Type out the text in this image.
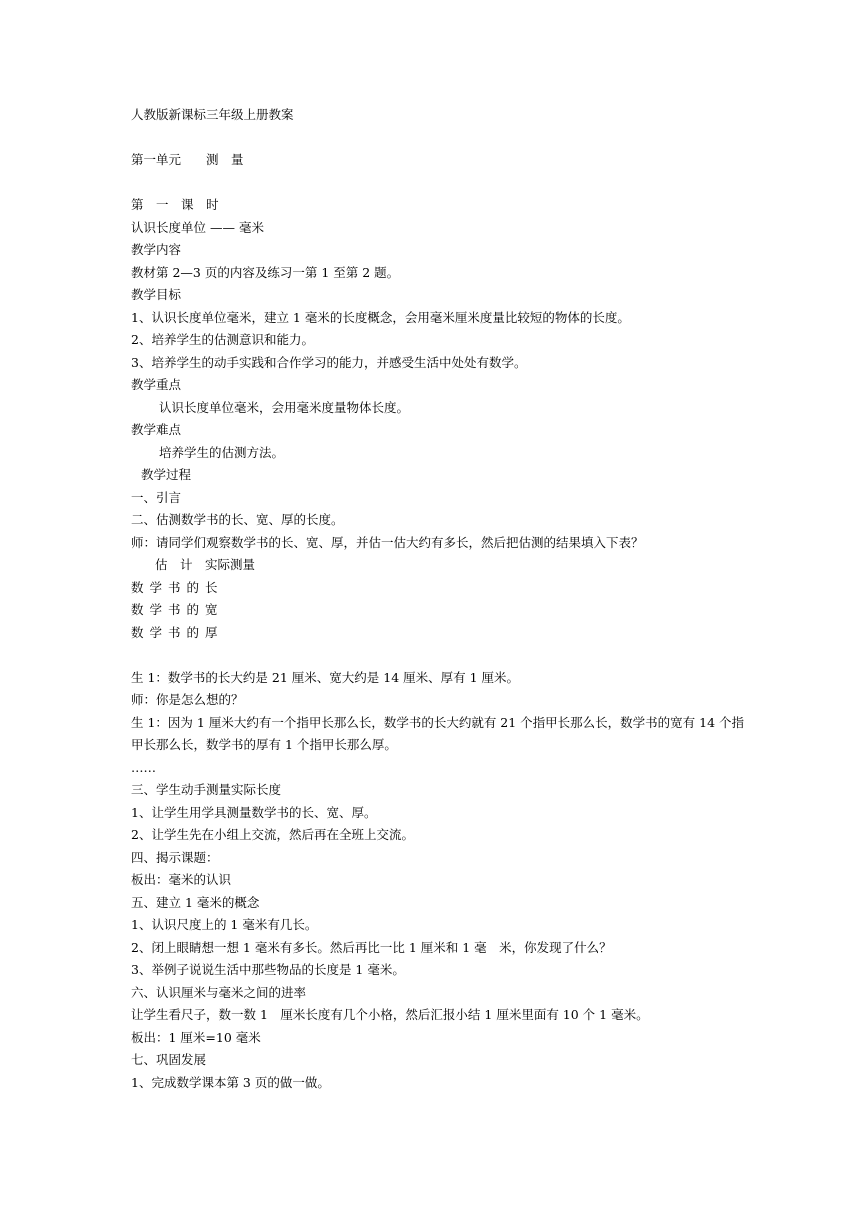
人教版新课标三年级上册教案
第一单元　　测　量
第　一　课　时
认识长度单位 —— 毫米
教学内容
教材第 2—3 页的内容及练习一第 1 至第 2 题。
教学目标
1、认识长度单位毫米，建立 1 毫米的长度概念，会用毫米厘米度量比较短的物体的长度。
2、培养学生的估测意识和能力。
3、培养学生的动手实践和合作学习的能力，并感受生活中处处有数学。
教学重点
认识长度单位毫米，会用毫米度量物体长度。
教学难点
培养学生的估测方法。
教学过程
一、引言
二、估测数学书的长、宽、厚的长度。
师：请同学们观察数学书的长、宽、厚，并估一估大约有多长，然后把估测的结果填入下表？
估　计　实际测量
数学书的长
数学书的宽
数学书的厚
生 1：数学书的长大约是 21 厘米、宽大约是 14 厘米、厚有 1 厘米。
师：你是怎么想的？
生 1：因为 1 厘米大约有一个指甲长那么长，数学书的长大约就有 21 个指甲长那么长，数学书的宽有 14 个指甲长那么长，数学书的厚有 1 个指甲长那么厚。
……
三、学生动手测量实际长度
1、让学生用学具测量数学书的长、宽、厚。
2、让学生先在小组上交流，然后再在全班上交流。
四、揭示课题：
板出：毫米的认识
五、建立 1 毫米的概念
1、认识尺度上的 1 毫米有几长。
2、闭上眼睛想一想 1 毫米有多长。然后再比一比 1 厘米和 1 毫　米，你发现了什么？
3、举例子说说生活中那些物品的长度是 1 毫米。
六、认识厘米与毫米之间的进率
让学生看尺子，数一数 1　厘米长度有几个小格，然后汇报小结 1 厘米里面有 10 个 1 毫米。
板出：1 厘米=10 毫米
七、巩固发展
1、完成数学课本第 3 页的做一做。
